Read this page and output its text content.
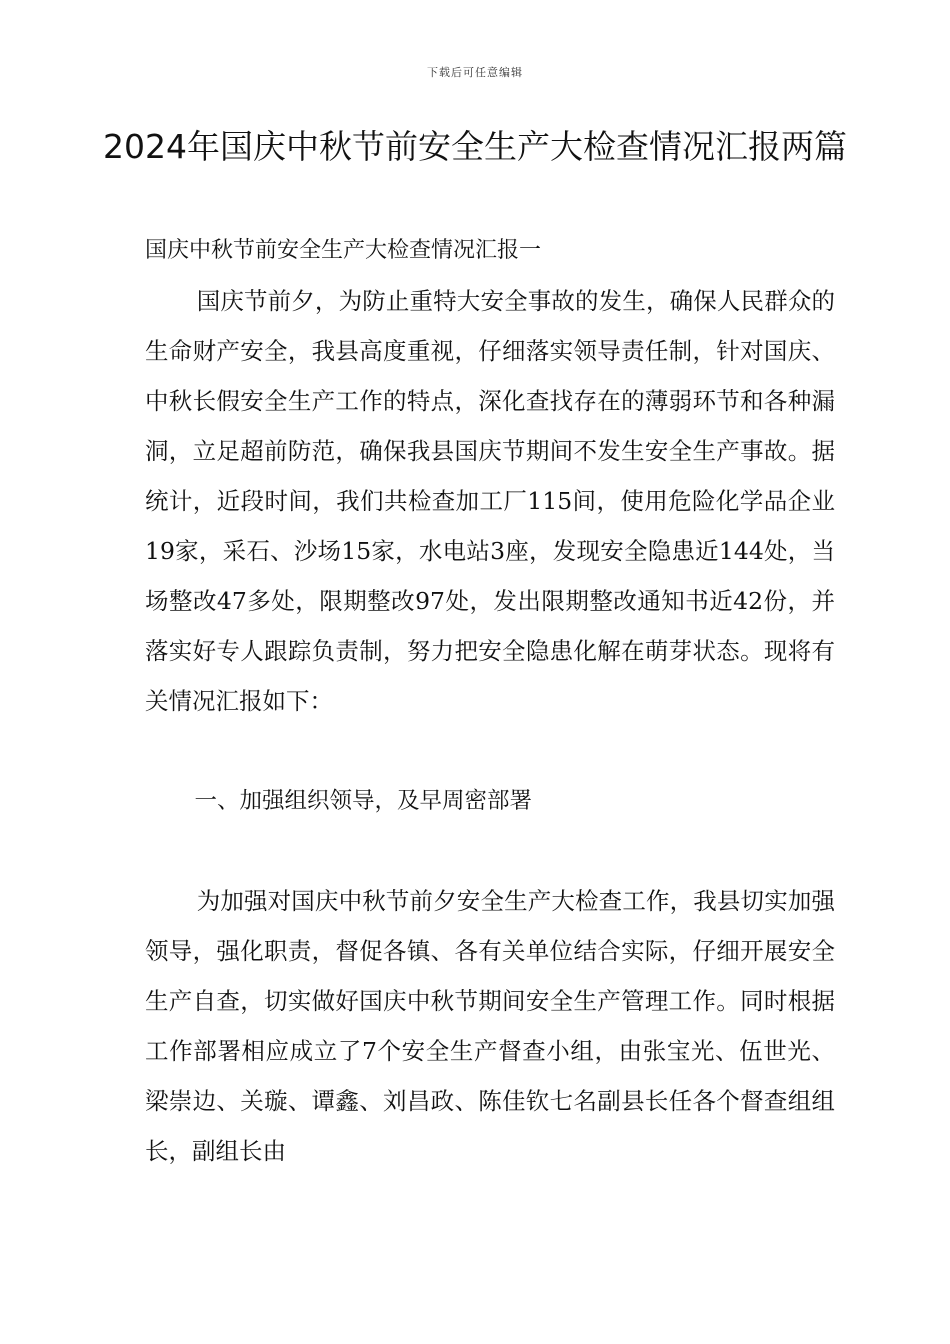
下载后可任意编辑
2024年国庆中秋节前安全生产大检查情况汇报两篇

国庆中秋节前安全生产大检查情况汇报一

国庆节前夕，为防止重特大安全事故的发生，确保人民群众的生命财产安全，我县高度重视，仔细落实领导责任制，针对国庆、中秋长假安全生产工作的特点，深化查找存在的薄弱环节和各种漏洞，立足超前防范，确保我县国庆节期间不发生安全生产事故。据统计，近段时间，我们共检查加工厂115间，使用危险化学品企业19家，采石、沙场15家，水电站3座，发现安全隐患近144处，当场整改47多处，限期整改97处，发出限期整改通知书近42份，并落实好专人跟踪负责制，努力把安全隐患化解在萌芽状态。现将有关情况汇报如下：

一、加强组织领导，及早周密部署

为加强对国庆中秋节前夕安全生产大检查工作，我县切实加强领导，强化职责，督促各镇、各有关单位结合实际，仔细开展安全生产自查，切实做好国庆中秋节期间安全生产管理工作。同时根据工作部署相应成立了7个安全生产督查小组，由张宝光、伍世光、梁崇边、关璇、谭鑫、刘昌政、陈佳钦七名副县长任各个督查组组长，副组长由
